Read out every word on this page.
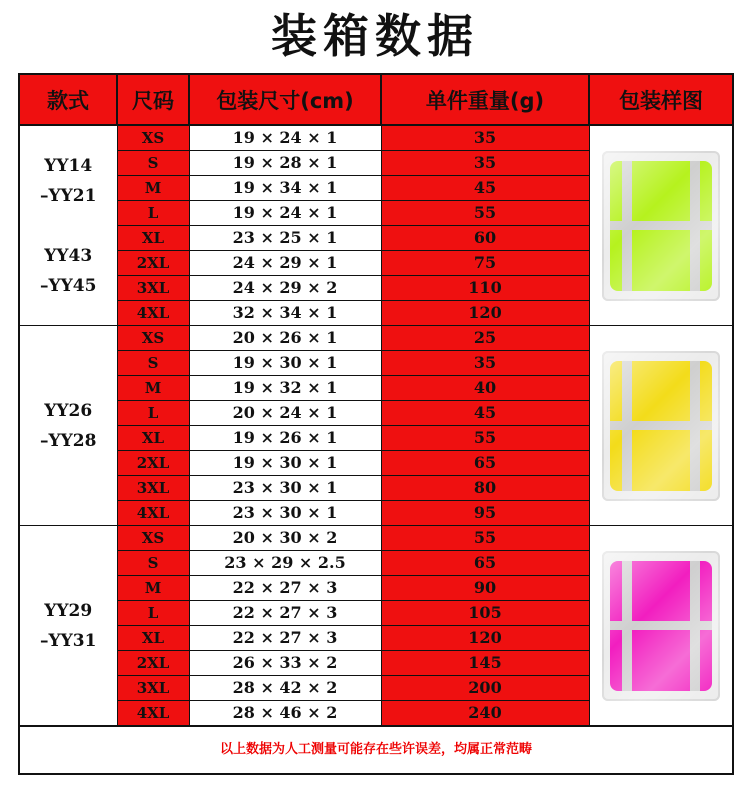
装箱数据
款式	尺码	包装尺寸(cm)	单件重量(g)	包装样图

YY14
–YY21

YY43
–YY45	XS	19 × 24 × 1	35	

	S	19 × 28 × 1	35	
	M	19 × 34 × 1	45	
	L	19 × 24 × 1	55	
	XL	23 × 25 × 1	60	
	2XL	24 × 29 × 1	75	
	3XL	24 × 29 × 2	110	
	4XL	32 × 34 × 1	120	

YY26
–YY28	XS	20 × 26 × 1	25	

	S	19 × 30 × 1	35	
	M	19 × 32 × 1	40	
	L	20 × 24 × 1	45	
	XL	19 × 26 × 1	55	
	2XL	19 × 30 × 1	65	
	3XL	23 × 30 × 1	80	
	4XL	23 × 30 × 1	95	

YY29
–YY31	XS	20 × 30 × 2	55	

	S	23 × 29 × 2.5	65	
	M	22 × 27 × 3	90	
	L	22 × 27 × 3	105	
	XL	22 × 27 × 3	120	
	2XL	26 × 33 × 2	145	
	3XL	28 × 42 × 2	200	
	4XL	28 × 46 × 2	240	
以上数据为人工测量可能存在些许误差，均属正常范畴				
